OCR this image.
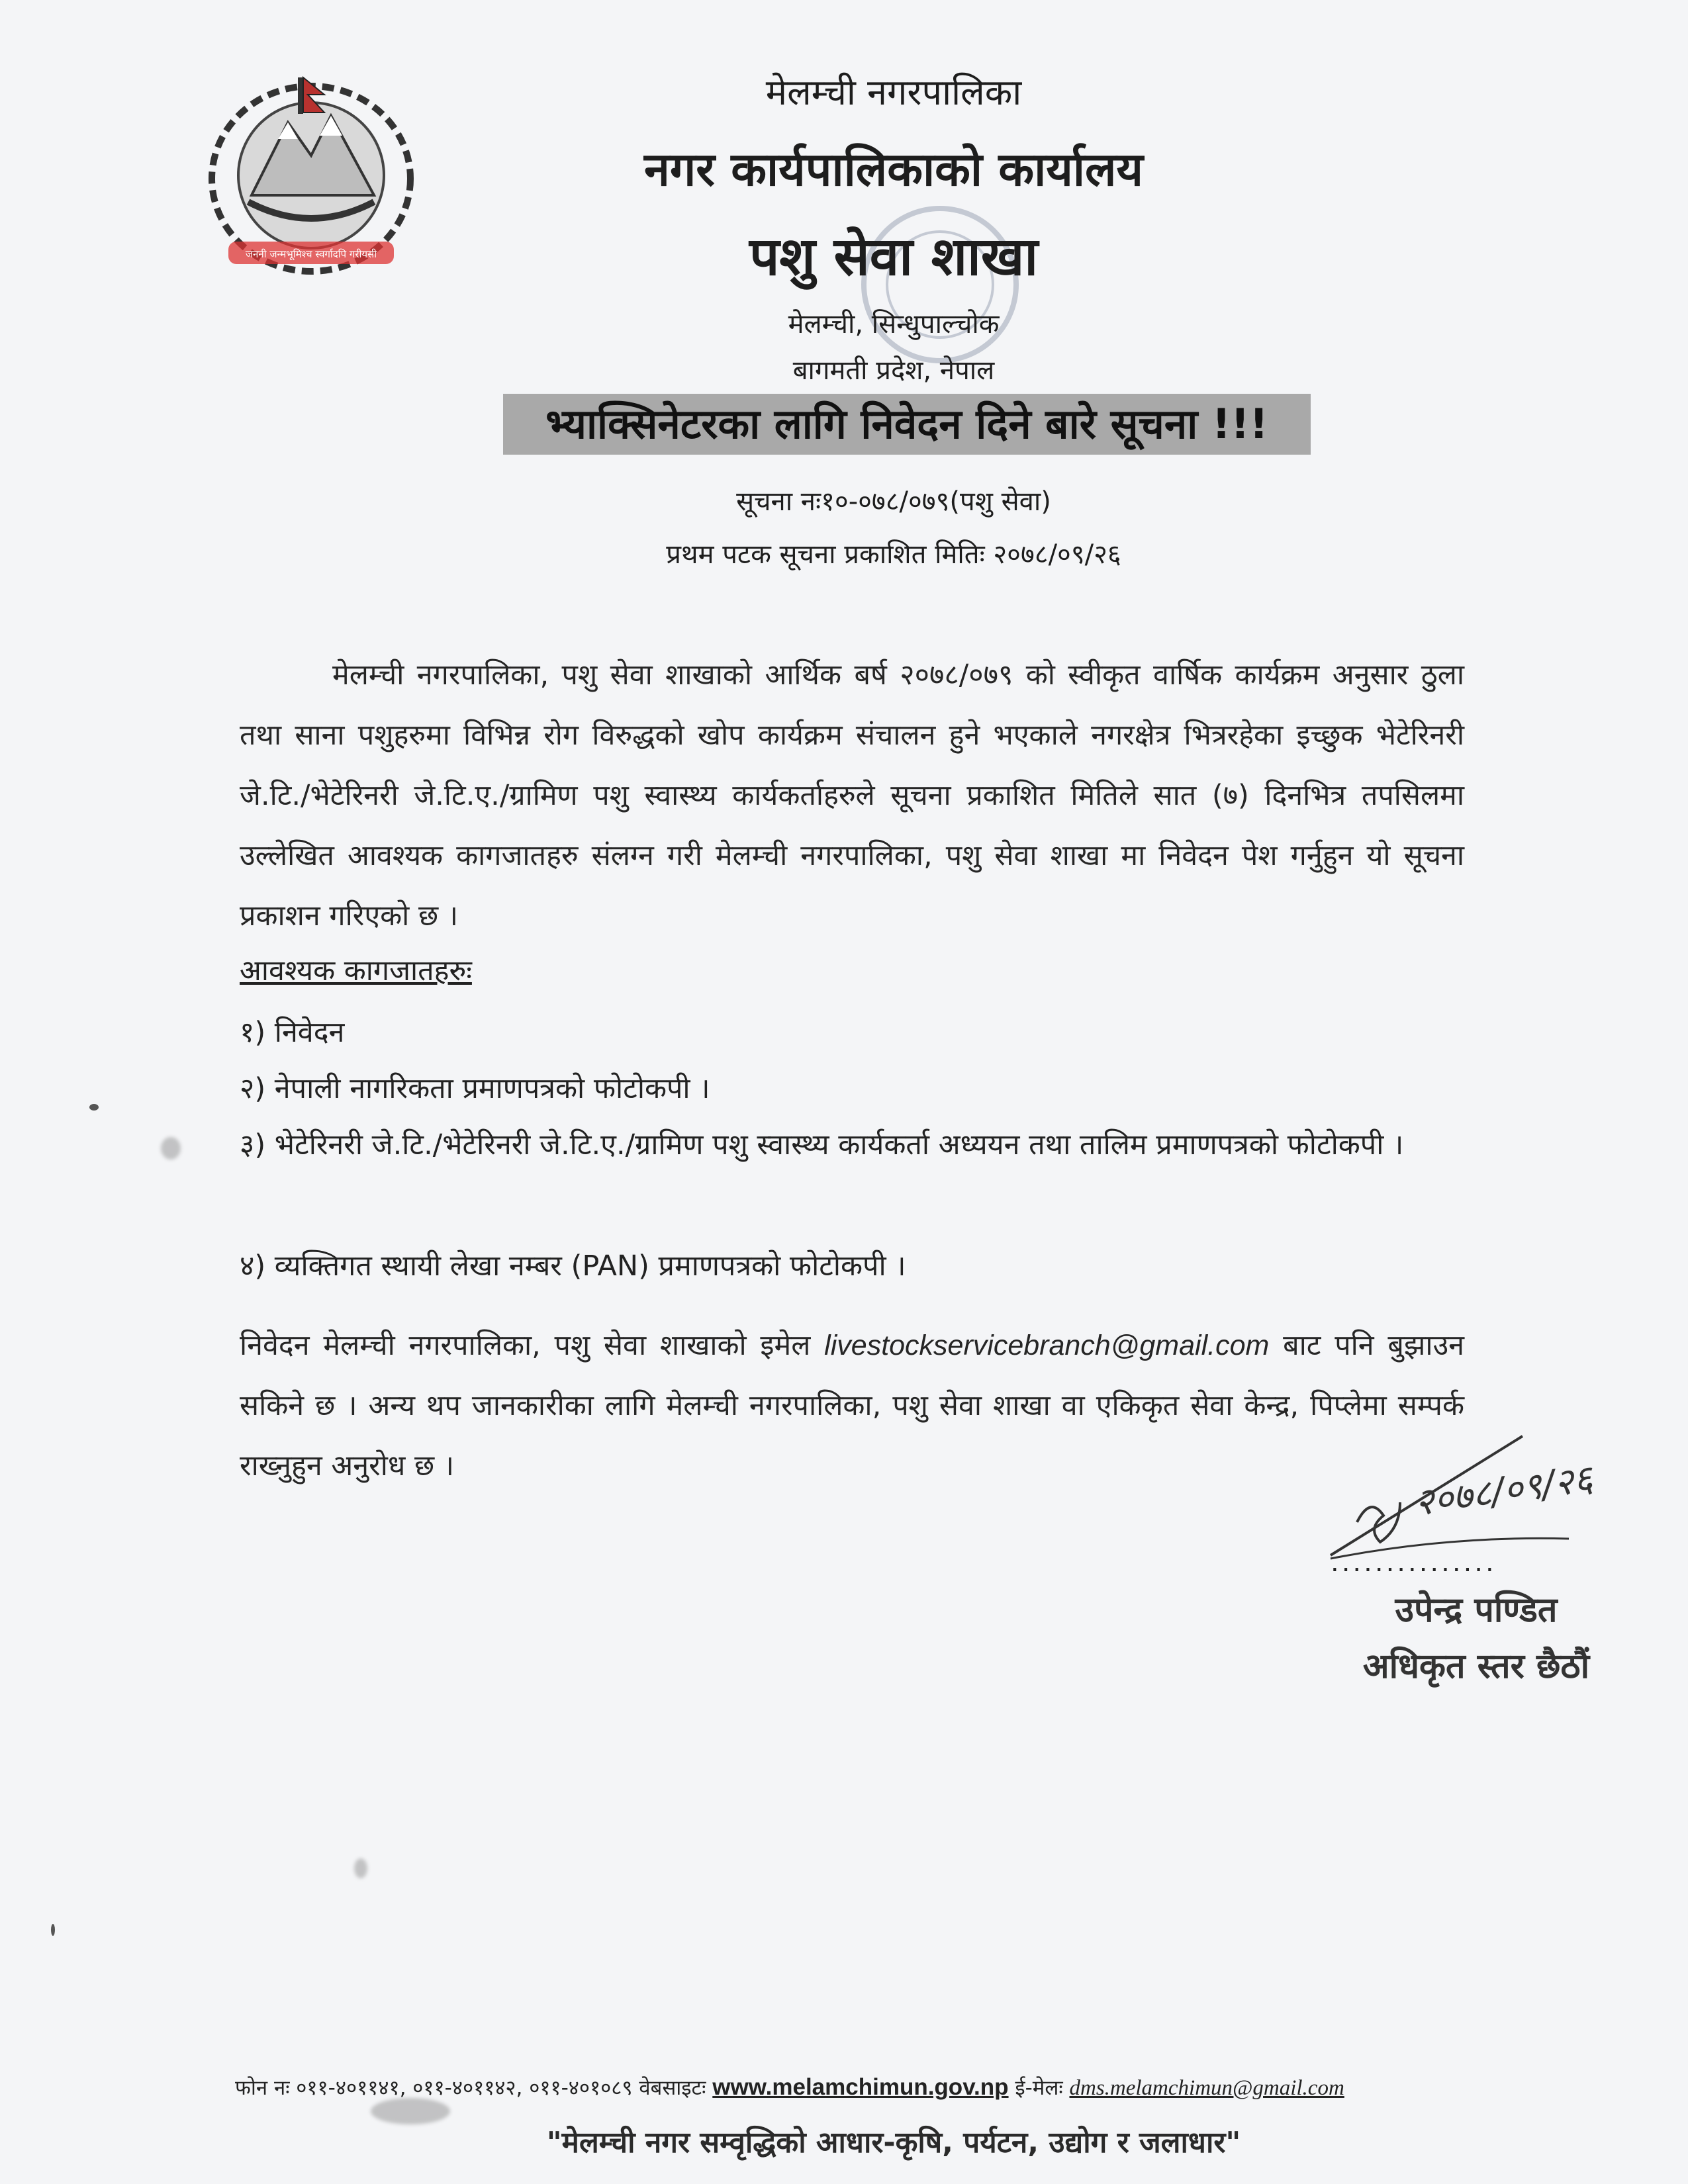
जननी जन्मभूमिश्च स्वर्गादपि गरीयसी
मेलम्ची नगरपालिका
नगर कार्यपालिकाको कार्यालय
पशु सेवा शाखा
मेलम्ची, सिन्धुपाल्चोक
बागमती प्रदेश, नेपाल
भ्याक्सिनेटरका लागि निवेदन दिने बारे सूचना !!!
सूचना नः१०-०७८/०७९(पशु सेवा)
प्रथम पटक सूचना प्रकाशित मितिः २०७८/०९/२६
मेलम्ची नगरपालिका, पशु सेवा शाखाको आर्थिक बर्ष २०७८/०७९ को स्वीकृत वार्षिक कार्यक्रम अनुसार ठुला तथा साना पशुहरुमा विभिन्न रोग विरुद्धको खोप कार्यक्रम संचालन हुने भएकाले नगरक्षेत्र भित्ररहेका इच्छुक भेटेरिनरी जे.टि./भेटेरिनरी जे.टि.ए./ग्रामिण पशु स्वास्थ्य कार्यकर्ताहरुले सूचना प्रकाशित मितिले सात (७) दिनभित्र तपसिलमा उल्लेखित आवश्यक कागजातहरु संलग्न गरी मेलम्ची नगरपालिका, पशु सेवा शाखा मा निवेदन पेश गर्नुहुन यो सूचना प्रकाशन गरिएको छ ।
आवश्यक कागजातहरुः
१) निवेदन
२) नेपाली नागरिकता प्रमाणपत्रको फोटोकपी ।
३) भेटेरिनरी जे.टि./भेटेरिनरी जे.टि.ए./ग्रामिण पशु स्वास्थ्य कार्यकर्ता अध्ययन तथा तालिम प्रमाणपत्रको फोटोकपी ।
४) व्यक्तिगत स्थायी लेखा नम्बर (PAN) प्रमाणपत्रको फोटोकपी ।
निवेदन मेलम्ची नगरपालिका, पशु सेवा शाखाको इमेल livestockservicebranch@gmail.com बाट पनि बुझाउन सकिने छ । अन्य थप जानकारीका लागि मेलम्ची नगरपालिका, पशु सेवा शाखा वा एकिकृत सेवा केन्द्र, पिप्लेमा सम्पर्क राख्नुहुन अनुरोध छ ।	२०७८/०९/२६
...............
उपेन्द्र पण्डित
अधिकृत स्तर छैठौं
फोन नः ०११-४०११४१, ०११-४०११४२, ०११-४०१०८९ वेबसाइटः www.melamchimun.gov.np ई-मेलः dms.melamchimun@gmail.com
"मेलम्ची नगर सम्वृद्धिको आधार-कृषि, पर्यटन, उद्योग र जलाधार"
